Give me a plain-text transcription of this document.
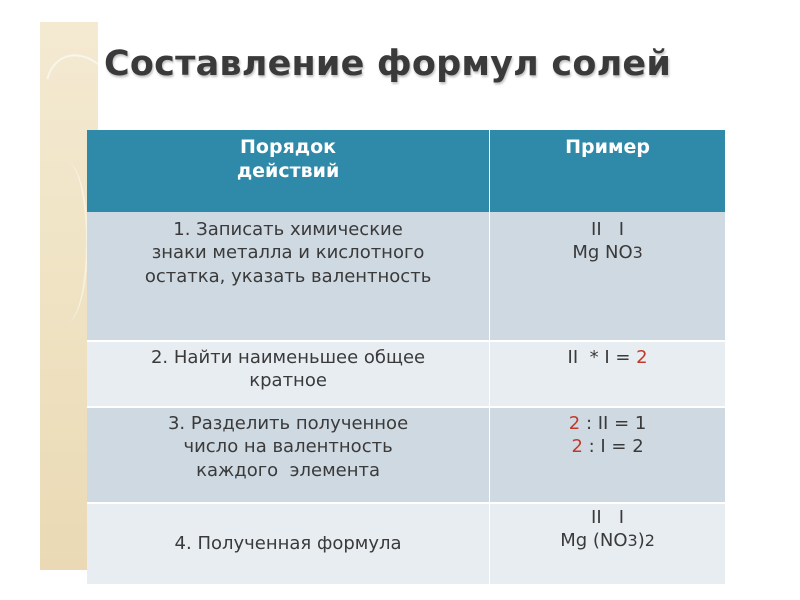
Составление формул солей
Порядок
действий	Пример

1. Записать химические
знаки металла и кислотного
остатка, указать валентность	II   I
Mg NO3

2. Найти наименьшее общее
кратное	II  * I = 2

3. Разделить полученное
число на валентность
каждого  элемента	2 : II = 1
2 : I = 2

4. Полученная формула	II   I
Mg (NO3)2
